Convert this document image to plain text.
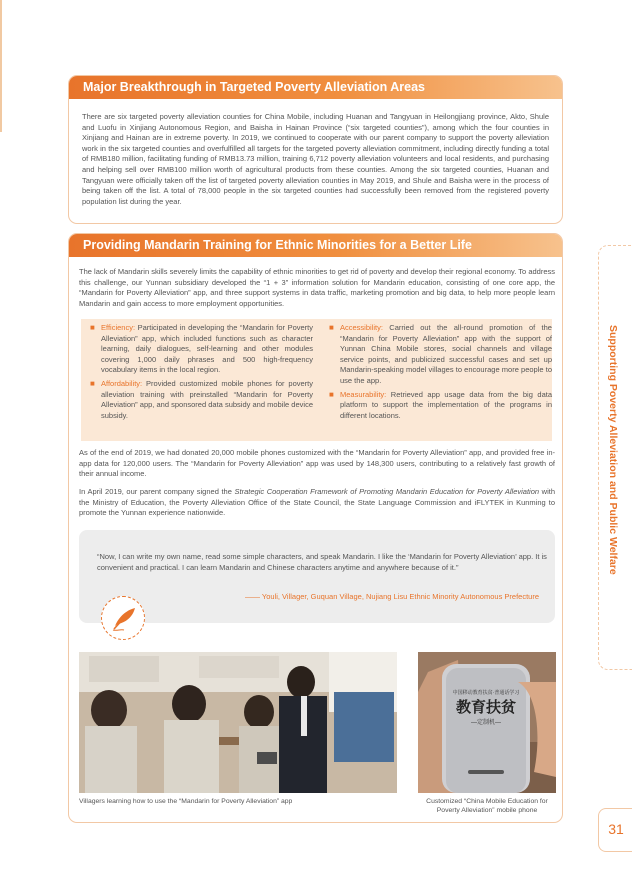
Major Breakthrough in Targeted Poverty Alleviation Areas
There are six targeted poverty alleviation counties for China Mobile, including Huanan and Tangyuan in Heilongjiang province, Akto, Shule and Luofu in Xinjiang Autonomous Region, and Baisha in Hainan Province (“six targeted counties”), among which the four counties in Xinjiang and Hainan are in extreme poverty. In 2019, we continued to cooperate with our parent company to support the poverty alleviation work in the six targeted counties and overfulfilled all targets for the targeted poverty alleviation commitment, including directly funding a total of RMB180 million, facilitating funding of RMB13.73 million, training 6,712 poverty alleviation volunteers and local residents, and purchasing and helping sell over RMB100 million worth of agricultural products from these counties. Among the six targeted counties, Huanan and Tangyuan were officially taken off the list of targeted poverty alleviation counties in May 2019, and Shule and Baisha were in the process of being taken off the list. A total of 78,000 people in the six targeted counties had successfully been removed from the registered poverty population list during the year.
Providing Mandarin Training for Ethnic Minorities for a Better Life
The lack of Mandarin skills severely limits the capability of ethnic minorities to get rid of poverty and develop their regional economy. To address this challenge, our Yunnan subsidiary developed the “1 + 3” information solution for Mandarin education, consisting of one core app, the “Mandarin for Poverty Alleviation” app, and three support systems in data traffic, marketing promotion and big data, to help more people learn Mandarin and gain access to more employment opportunities.
■ Efficiency: Participated in developing the “Mandarin for Poverty Alleviation” app, which included functions such as character learning, daily dialogues, self-learning and other modules covering 1,000 daily phrases and 500 high-frequency vocabulary items in the local region.
■ Affordability: Provided customized mobile phones for poverty alleviation training with preinstalled “Mandarin for Poverty Alleviation” app, and sponsored data subsidy and mobile device subsidy.
■ Accessibility: Carried out the all-round promotion of the “Mandarin for Poverty Alleviation” app with the support of Yunnan China Mobile stores, social channels and village service points, and publicized successful cases and set up Mandarin-speaking model villages to encourage more people to use the app.
■ Measurability: Retrieved app usage data from the big data platform to support the implementation of the programs in different locations.
As of the end of 2019, we had donated 20,000 mobile phones customized with the “Mandarin for Poverty Alleviation” app, and provided free in-app data for 120,000 users. The “Mandarin for Poverty Alleviation” app was used by 148,300 users, contributing to a relatively fast growth of their annual income.
In April 2019, our parent company signed the Strategic Cooperation Framework of Promoting Mandarin Education for Poverty Alleviation with the Ministry of Education, the Poverty Alleviation Office of the State Council, the State Language Commission and iFLYTEK in Kunming to promote the Yunnan experience nationwide.
“Now, I can write my own name, read some simple characters, and speak Mandarin. I like the ‘Mandarin for Poverty Alleviation’ app. It is convenient and practical. I can learn Mandarin and Chinese characters anytime and anywhere because of it.”
—— Youli, Villager, Guquan Village, Nujiang Lisu Ethnic Minority Autonomous Prefecture
中国移动教育扶贫·普通话学习
教育扶贫
—定制机—
Villagers learning how to use the “Mandarin for Poverty Alleviation” app	Customized “China Mobile Education for Poverty Alleviation” mobile phone
Supporting Poverty Alleviation and Public Welfare
31
